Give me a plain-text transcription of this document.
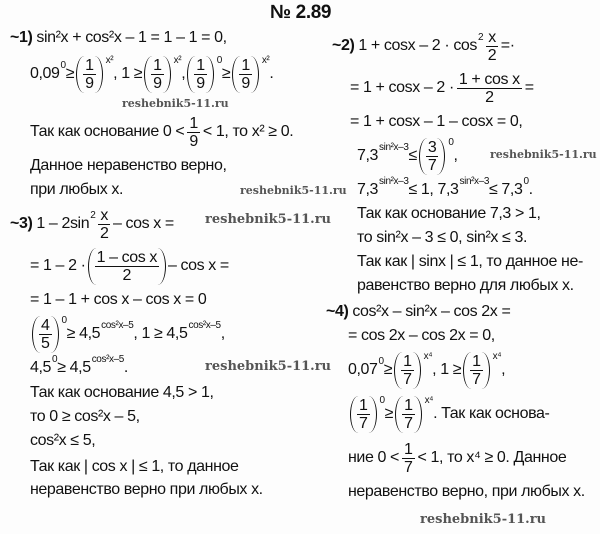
№ 2.89
~1) sin²x + cos²x – 1 = 1 – 1 = 0,
0,09 $0 \ge \frac{1}{9} x^2$
, $1 \ge \frac{1}{9} x^2$
, $\frac{1}{9} 0$
≥ $\frac{1}{9} x^2$
.
Так как основание $0 < \frac{1}{9} < 1$, то x² ≥ 0.
Данное неравенство верно,
при любых x.
~3) 1 – 2sin $2 \frac{x}{2}$ – cos x =
= $1 - 2 \cdot \frac{\text{1 – cos x}}{2} - \cos x$ =
= 1 – 1 + cos x – cos x = 0
$\frac{4}{5} 0$
≥ 4,5 cos²x–5 , 1 ≥ 4,5 cos²x–5 ,
4,5 0 ≥ 4,5 cos²x–5 .
Так как основание 4,5 > 1,
то 0 ≥ cos²x – 5,
cos²x ≤ 5,
Так как | cos x | ≤ 1, то данное
неравенство верно при любых x.
~2) $1 + \cos x - 2 \cdot \cos 2 \frac{x}{2}$ =·
= $1 + \cos x - 2 \cdot \frac{\text{1 + cos x}}{2}$ =
= 1 + cosx – 1 – cosx = 0,
7,3 $\sin^2x-3 \le \frac{3}{7} 0$
,
7,3 sin²x–3 ≤ 1, 7,3 sin²x–3 ≤ 7,3 0 .
Так как основание 7,3 > 1,
то sin²x – 3 ≤ 0, sin²x ≤ 3.
Так как | sinx | ≤ 1, то данное не-
равенство верно для любых x.
~4) cos²x – sin²x – cos 2x =
= cos 2x – cos 2x = 0,
0,07 $0 \ge \frac{1}{7} x^4$
, $1 \ge \frac{1}{7} x^4$
,
$\frac{1}{7} 0$
≥ $\frac{1}{7} x^4$
. Так как основа-
ние $0 < \frac{1}{7} < 1$, то x⁴ ≥ 0. Данное
неравенство верно, при любых x.
reshebnik5-11.ru
reshebnik5-11.ru
reshebnik5-11.ru
reshebnik5-11.ru
reshebnik5-11.ru
reshebnik5-11.ru
